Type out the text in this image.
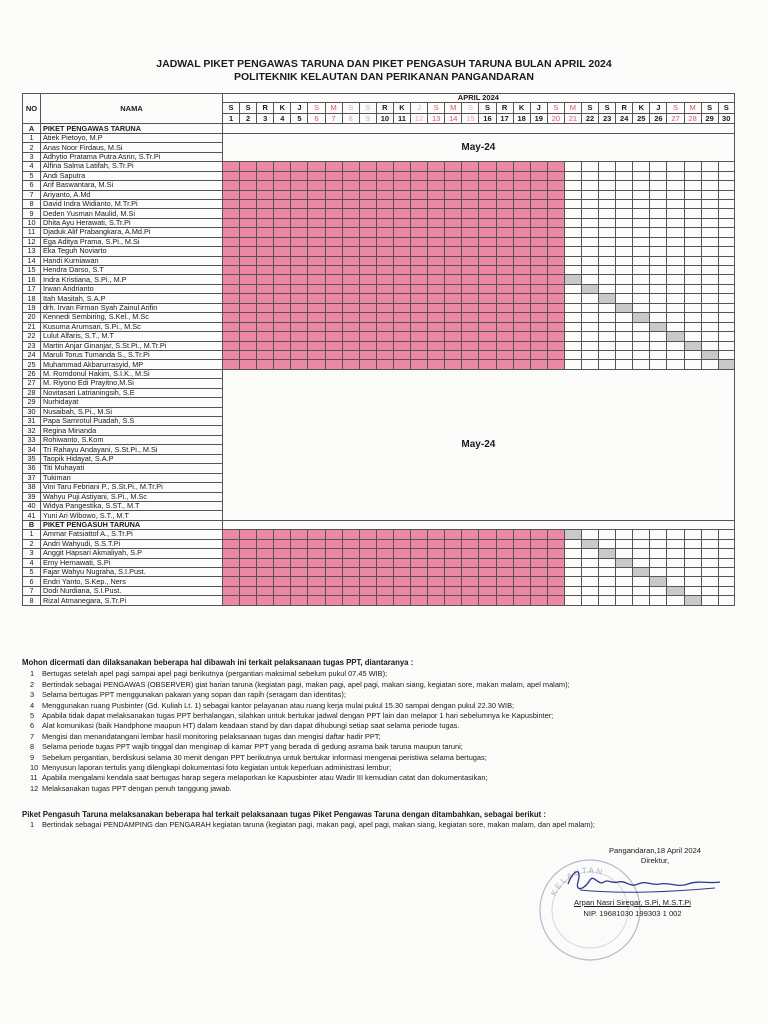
JADWAL PIKET PENGAWAS TARUNA DAN PIKET PENGASUH TARUNA BULAN APRIL 2024
POLITEKNIK KELAUTAN DAN PERIKANAN PANGANDARAN
NO	NAMA	APRIL 2024																													
		S	S	R	K	J	S	M	S	S	R	K	J	S	M	S	S	R	K	J	S	M	S	S	R	K	J	S	M	S	S
		1	2	3	4	5	6	7	8	9	10	11	12	13	14	15	16	17	18	19	20	21	22	23	24	25	26	27	28	29	30
A	PIKET PENGAWAS TARUNA																														
1	Atiek Pietoyo, M.P	May-24																													
2	Anas Noor Firdaus, M.Si																														
3	Adhytio Pratama Putra Asrin, S.Tr.Pi																														
4	Alfina Salma Latifah, S.Tr.Pi																														
5	Andi Saputra																														
6	Arif Baswantara, M.Si																														
7	Ariyanto, A.Md																														
8	David Indra Widianto, M.Tr.Pi																														
9	Deden Yusman Maulid, M.Si																														
10	Dhita Ayu Herawati, S.Tr.Pi																														
11	Djaduk Alif Prabangkara, A.Md.Pi																														
12	Ega Aditya Prama, S.Pi., M.Si																														
13	Eka Teguh Noviarto																														
14	Handi Kurniawan																														
15	Hendra Darso, S.T																														
16	Indra Kristiana, S.Pi., M.P																														
17	Irwan Andrianto																														
18	Itah Masitah, S.A.P																														
19	drh. Irvan Firman Syah Zainul Arifin																														
20	Kennedi Sembiring, S.Kel., M.Sc																														
21	Kusuma Arumsari, S.Pi., M.Sc																														
22	Lulut Alfaris, S.T., M.T																														
23	Martin Anjar Ginanjar, S.St.Pi., M.Tr.Pi																														
24	Maruli Torus Tumanda S., S.Tr.Pi																														
25	Muhammad Akbarurrasyid, MP																														
26	M. Romdonul Hakim, S.I.K., M.Si	May-24																													
27	M. Riyono Edi Prayitno,M.Si																														
28	Novitasari Latrianingsih, S.E																														
29	Nurhidayat																														
30	Nusaibah, S.Pi., M.Si																														
31	Papa Samrotul Puadah, S.S																														
32	Regina Minanda																														
33	Rohiwanto, S.Kom																														
34	Tri Rahayu Andayani, S.St.Pi., M.Si																														
35	Taopik Hidayat, S.A.P																														
36	Titi Muhayati																														
37	Tukiman																														
38	Vini Taru Febriani P., S.St.Pi., M.Tr.Pi																														
39	Wahyu Puji Astiyani, S.Pi., M.Sc																														
40	Widya Pangestika, S.ST., M.T																														
41	Yuni Ari Wibowo, S.T., M.T																														
B	PIKET PENGASUH TARUNA																														
1	Ammar Fatsiattof A., S.Tr.Pi																														
2	Andri Wahyudi, S.S.T.Pi																														
3	Anggit Hapsari Akmaliyah, S.P																														
4	Erny Hernawati, S.Pi																														
5	Fajar Wahyu Nugraha, S.I.Pust.																														
6	Endri Yanto, S.Kep., Ners																														
7	Dodi Nurdiana, S.I.Pust.																														
8	Rizal Atmanegara, S.Tr.Pi																														
Mohon dicermati dan dilaksanakan beberapa hal dibawah ini terkait pelaksanaan tugas PPT, diantaranya :
1 Bertugas setelah apel pagi sampai apel pagi berikutnya (pergantian maksimal sebelum pukul 07.45 WIB);
2 Bertindak sebagai PENGAWAS (OBSERVER) giat harian taruna (kegiatan pagi, makan pagi, apel pagi, makan siang, kegiatan sore, makan malam, apel malam);
3 Selama bertugas PPT menggunakan pakaian yang sopan dan rapih (seragam dan identitas);
4 Menggunakan ruang Pusbinter (Gd. Kuliah Lt. 1) sebagai kantor pelayanan atau ruang kerja mulai pukul 15.30 sampai dengan pukul 22.30 WIB;
5 Apabila tidak dapat melaksanakan tugas PPT berhalangan, silahkan untuk bertukar jadwal dengan PPT lain dan melapor 1 hari sebelumnya ke Kapusbinter;
6 Alat komunikasi (baik Handphone maupun HT) dalam keadaan stand by dan dapat dihubungi setiap saat selama periode tugas.
7 Mengisi dan menandatangani lembar hasil monitoring pelaksanaan tugas dan mengisi daftar hadir PPT;
8 Selama periode tugas PPT wajib tinggal dan menginap di kamar PPT yang berada di gedung asrama baik taruna maupun taruni;
9 Sebelum pergantian, berdiskusi selama 30 menit dengan PPT berikutnya untuk bertukar informasi mengenai peristiwa selama bertugas;
10 Menyusun laporan tertulis yang dilengkapi dokumentasi foto kegiatan untuk keperluan administrasi lembur;
11 Apabila mengalami kendala saat bertugas harap segera melaporkan ke Kapusbinter atau Wadir III kemudian catat dan dokumentasikan;
12 Melaksanakan tugas PPT dengan penuh tanggung jawab.
Piket Pengasuh Taruna melaksanakan beberapa hal terkait pelaksanaan tugas Piket Pengawas Taruna dengan ditambahkan, sebagai berikut :
1 Bertindak sebagai PENDAMPING dan PENGARAH kegiatan taruna (kegiatan pagi, makan pagi, apel pagi, makan siang, kegiatan sore, makan malam, dan apel malam);
KELAUTAN
Pangandaran,18 April 2024
Direktur,
Arpan Nasri Siregar, S.Pi, M.S.T.Pi
NIP. 19681030 199303 1 002
